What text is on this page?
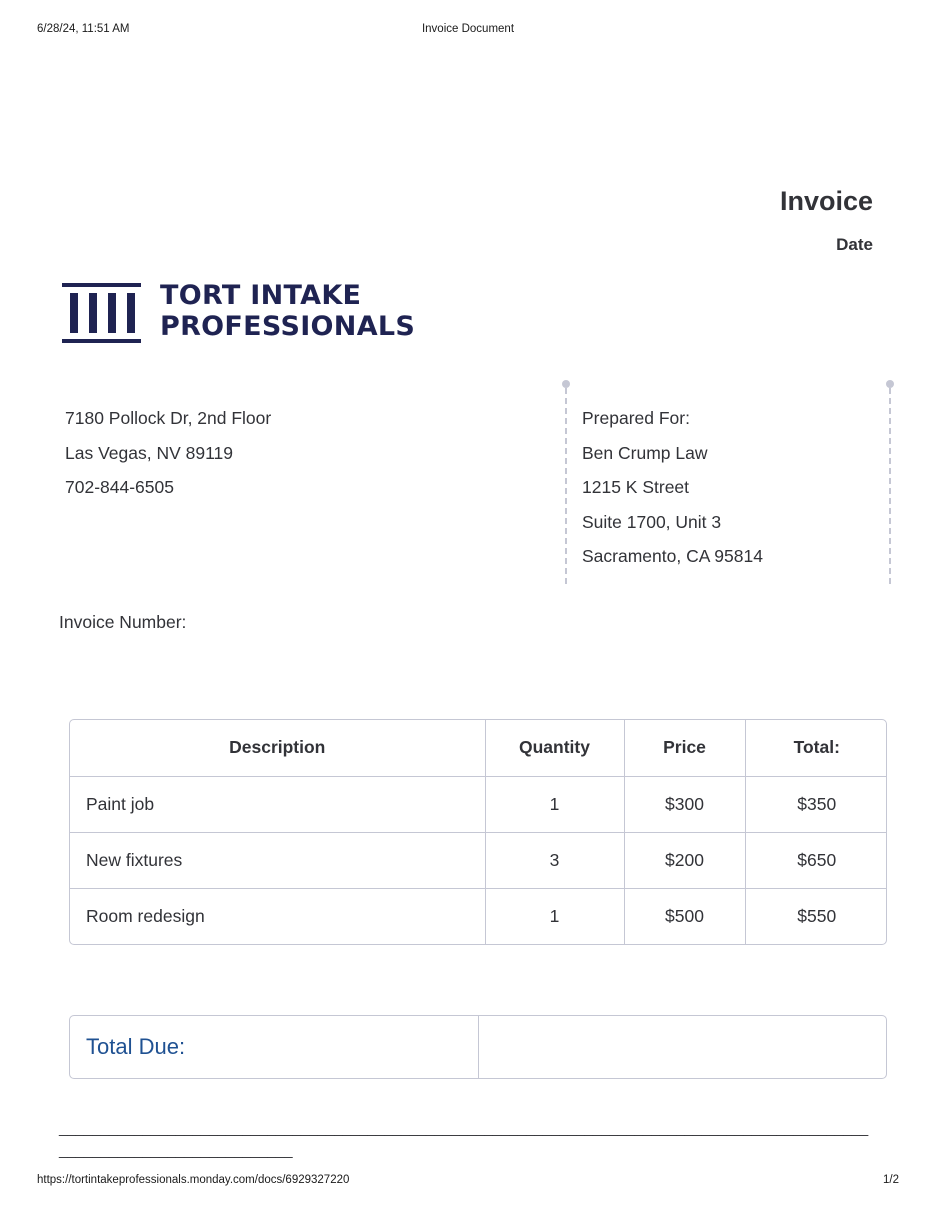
6/28/24, 11:51 AM	Invoice Document
Invoice
Date
TORT INTAKE
PROFESSIONALS
7180 Pollock Dr, 2nd Floor
Las Vegas, NV 89119
702-844-6505
Prepared For:
Ben Crump Law
1215 K Street
Suite 1700, Unit 3
Sacramento, CA 95814
Invoice Number:
Description	Quantity	Price	Total:
Paint job	1	$300	$350
New fixtures	3	$200	$650
Room redesign	1	$500	$550
Total Due:
_____________________________________________________________________________________________________________________________
https://tortintakeprofessionals.monday.com/docs/6929327220	1/2
